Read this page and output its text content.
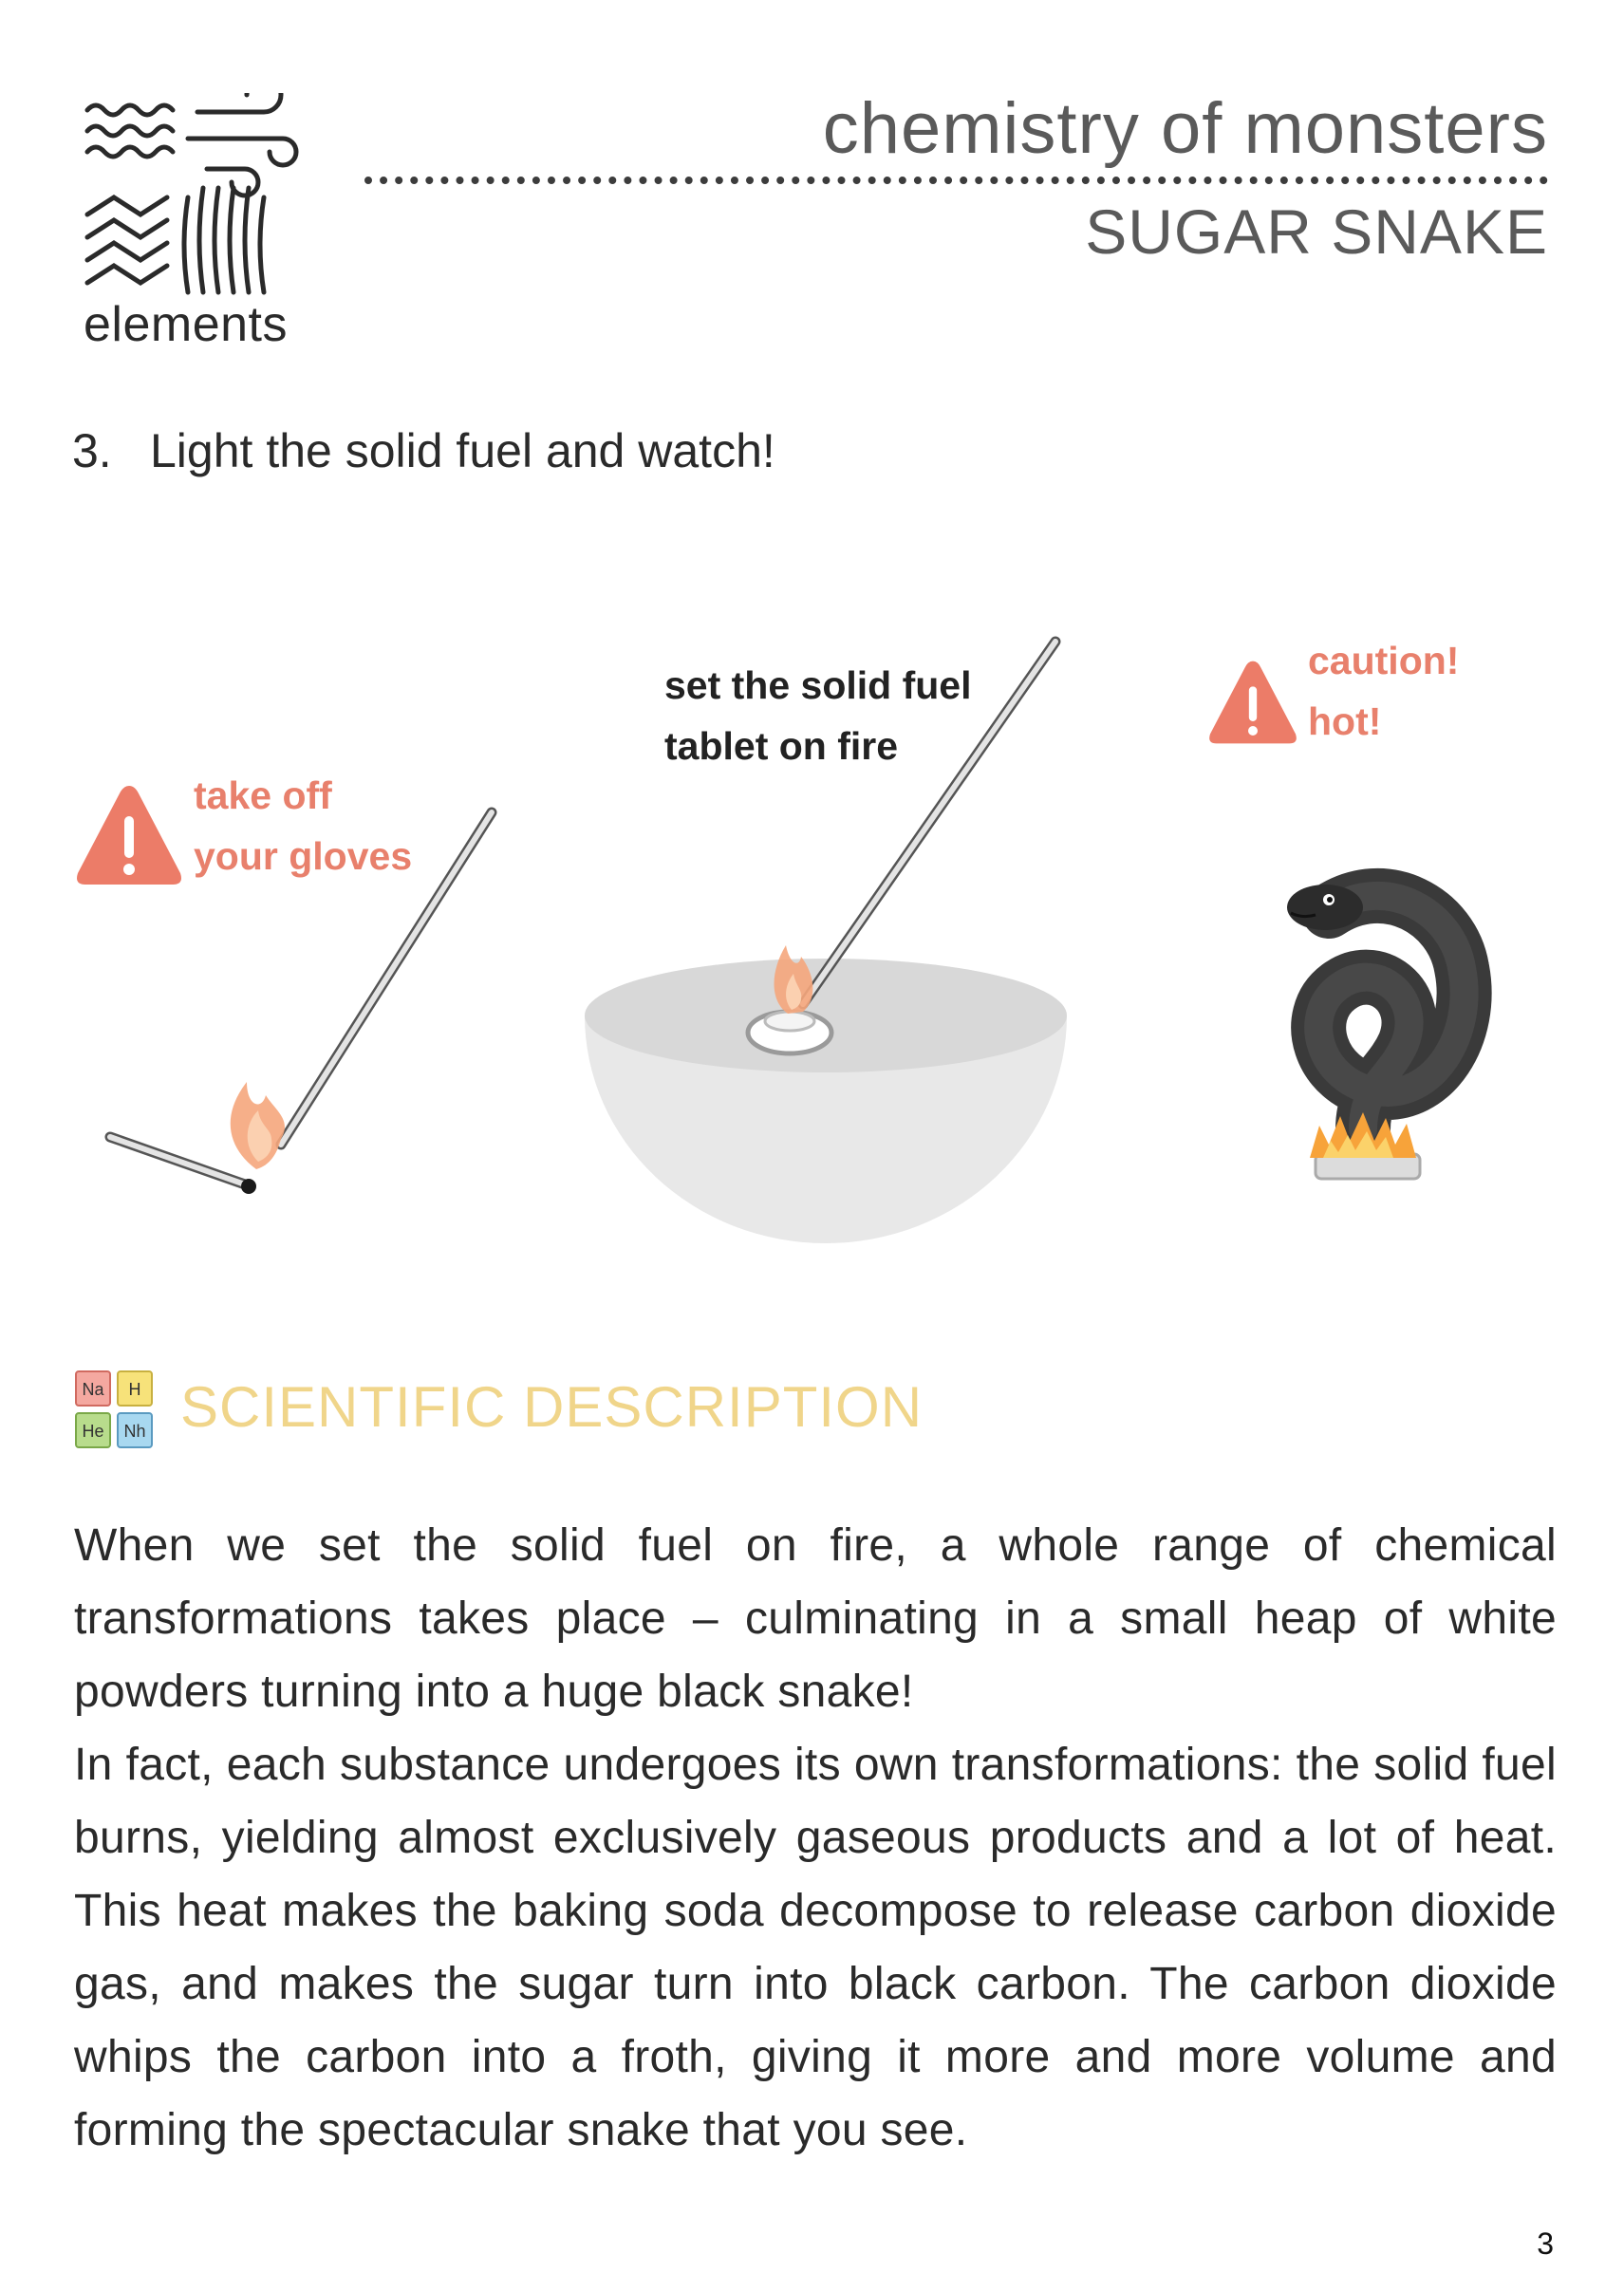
elements
chemistry of monsters
SUGAR SNAKE
3. Light the solid fuel and watch!
take off
your gloves
set the solid fuel
tablet on fire
caution!
hot!
Na H
He Nh SCIENTIFIC DESCRIPTION

When we set the solid fuel on fire, a whole range of chemical transformations takes place – culminating in a small heap of white powders turning into a huge black snake!

In fact, each substance undergoes its own transformations: the solid fuel burns, yielding almost exclusively gaseous products and a lot of heat. This heat makes the baking soda decompose to release carbon dioxide gas, and makes the sugar turn into black carbon. The carbon dioxide whips the carbon into a froth, giving it more and more volume and forming the spectacular snake that you see.

3
